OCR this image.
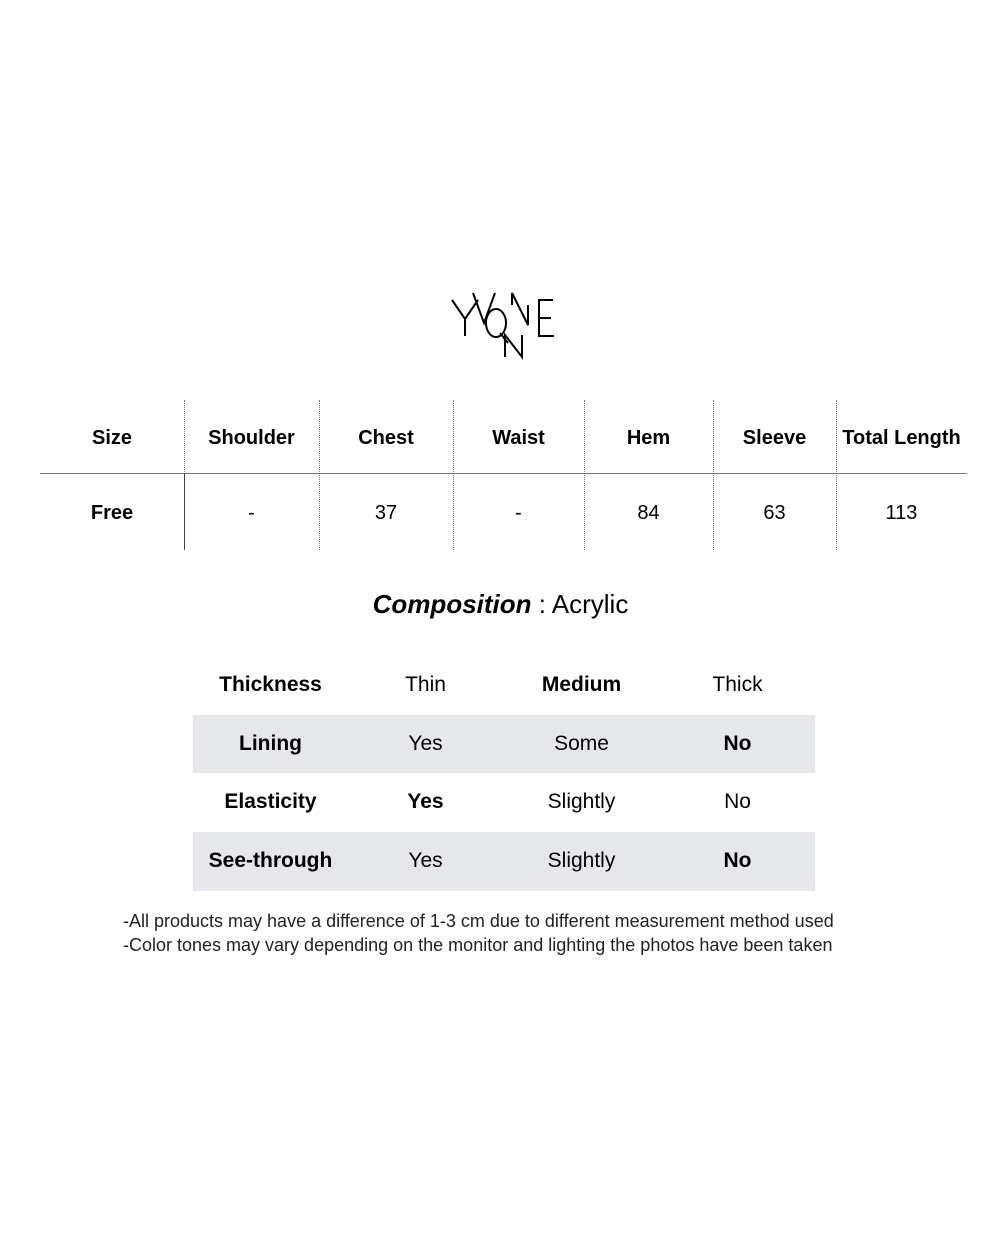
Size	Shoulder	Chest	Waist	Hem	Sleeve	Total Length
Free	-	37	-	84	63	113
Composition : Acrylic
Thickness	Thin	Medium	Thick
Lining	Yes	Some	No
Elasticity	Yes	Slightly	No
See-through	Yes	Slightly	No
-All products may have a difference of 1-3 cm due to different measurement method used
-Color tones may vary depending on the monitor and lighting the photos have been taken
